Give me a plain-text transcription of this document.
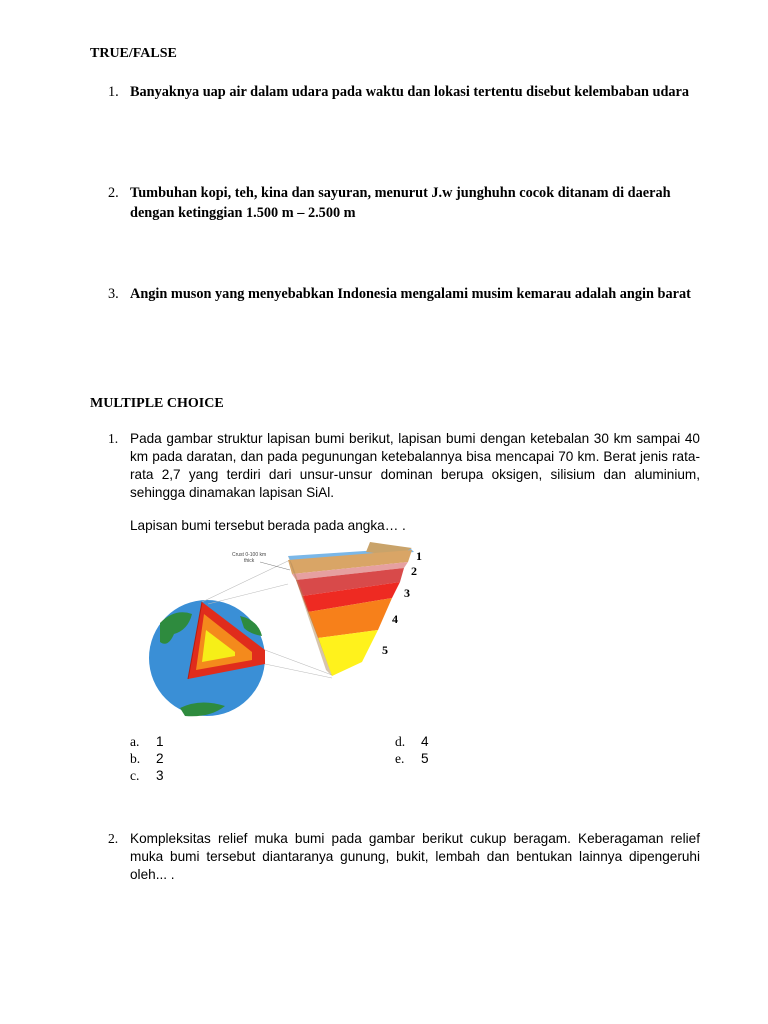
TRUE/FALSE
1. Banyaknya uap air dalam udara pada waktu dan lokasi tertentu disebut kelembaban udara
2. Tumbuhan kopi, teh, kina dan sayuran, menurut J.w junghuhn cocok ditanam di daerah dengan ketinggian 1.500 m – 2.500 m
3. Angin muson yang menyebabkan Indonesia mengalami musim kemarau adalah angin barat
MULTIPLE CHOICE
1. Pada gambar struktur lapisan bumi berikut, lapisan bumi dengan ketebalan 30 km sampai 40 km pada daratan, dan pada pegunungan ketebalannya bisa mencapai 70 km. Berat jenis rata-rata 2,7 yang terdiri dari unsur-unsur dominan berupa oksigen, silisium dan aluminium, sehingga dinamakan lapisan SiAl.
Lapisan bumi tersebut berada pada angka… .
Crust 0-100 km
thick	1
2
3
4
5
a. 1
b. 2
c. 3
d. 4
e. 5
2. Kompleksitas relief muka bumi pada gambar berikut cukup beragam. Keberagaman relief muka bumi tersebut diantaranya gunung, bukit, lembah dan bentukan lainnya dipengeruhi oleh... .
